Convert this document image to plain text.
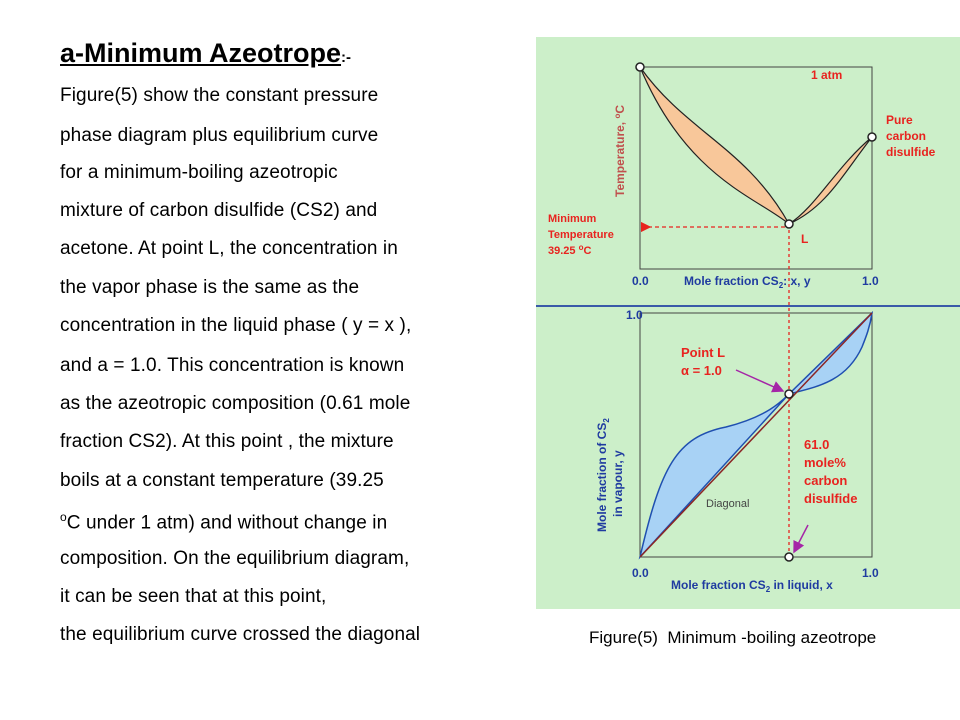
a-Minimum Azeotrope:-
Figure(5) show the constant pressure
phase diagram plus equilibrium curve
for a minimum-boiling azeotropic
mixture of carbon disulfide (CS2) and
acetone. At point L, the concentration in
the vapor phase is the same as the
concentration in the liquid phase ( y = x ),
and a = 1.0. This concentration is known
as the azeotropic composition (0.61 mole
fraction CS2). At this point , the mixture
boils at a constant temperature (39.25
$^o$C under 1 atm) and without change in
composition. On the equilibrium diagram,
it can be seen that at this point,
the equilibrium curve crossed the diagonal
Temperature, $^o$C
1 atm
Pure
carbon
disulfide
Minimum
Temperature
39.25 $^o$C
L
0.0	1.0
Mole fraction $CS_2$: x, y
1.0
Mole fraction of $CS_2$
in vapour, y
Point L
α = 1.0
61.0
mole%
carbon
disulfide
Diagonal
0.0	1.0
Mole fraction $CS_2$ in liquid, x
Figure(5) Minimum -boiling azeotrope
